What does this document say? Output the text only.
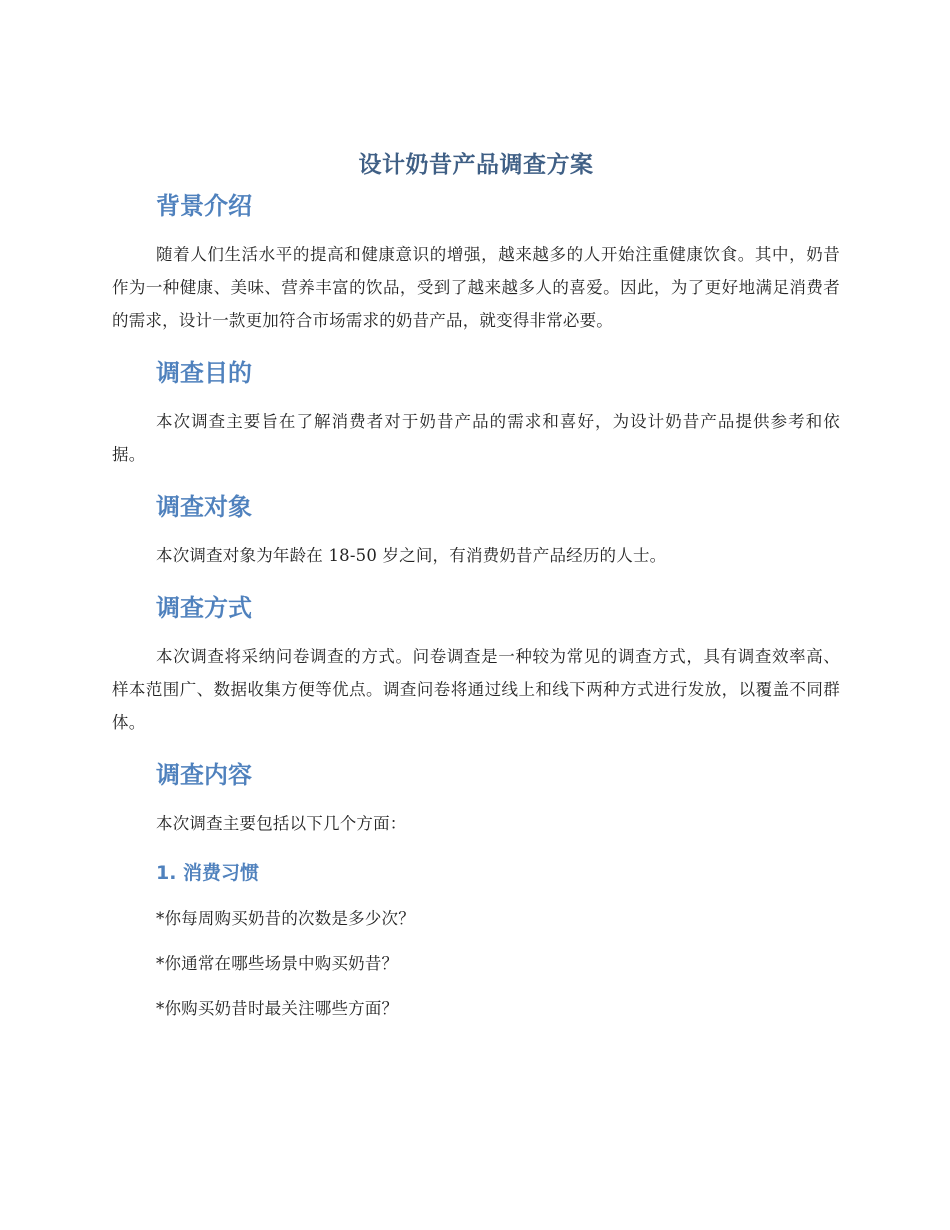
设计奶昔产品调查方案
背景介绍

随着人们生活水平的提高和健康意识的增强，越来越多的人开始注重健康饮食。其中，奶昔作为一种健康、美味、营养丰富的饮品，受到了越来越多人的喜爱。因此，为了更好地满足消费者的需求，设计一款更加符合市场需求的奶昔产品，就变得非常必要。

调查目的

本次调查主要旨在了解消费者对于奶昔产品的需求和喜好，为设计奶昔产品提供参考和依据。

调查对象

本次调查对象为年龄在 18-50 岁之间，有消费奶昔产品经历的人士。

调查方式

本次调查将采纳问卷调查的方式。问卷调查是一种较为常见的调查方式，具有调查效率高、样本范围广、数据收集方便等优点。调查问卷将通过线上和线下两种方式进行发放，以覆盖不同群体。

调查内容

本次调查主要包括以下几个方面：

1. 消费习惯

*你每周购买奶昔的次数是多少次？

*你通常在哪些场景中购买奶昔？

*你购买奶昔时最关注哪些方面？
